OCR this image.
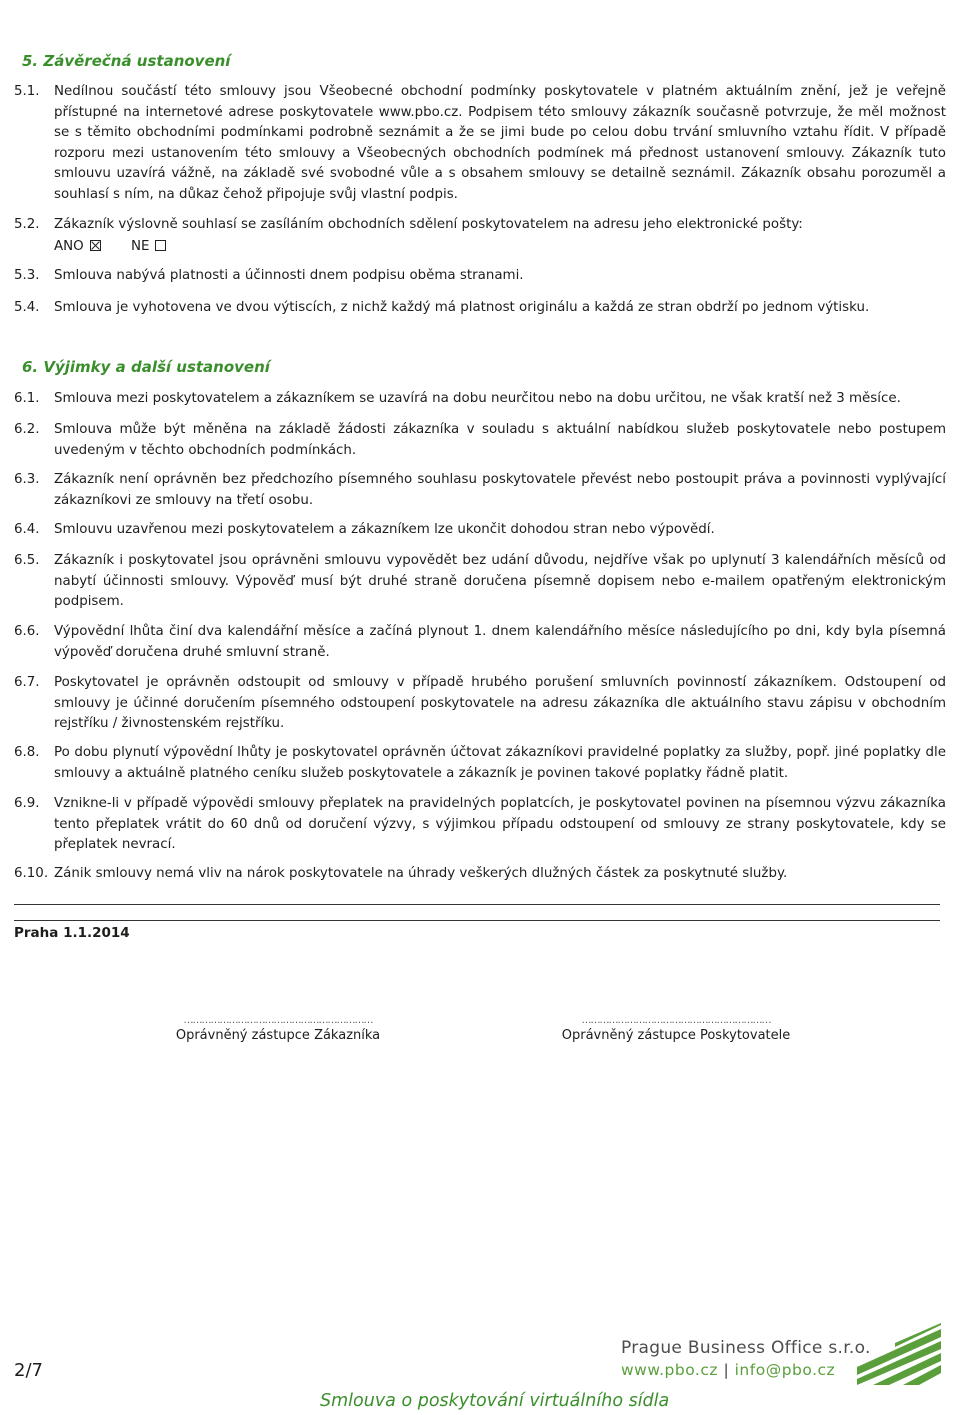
5. Závěrečná ustanovení
5.1.	Nedílnou součástí této smlouvy jsou Všeobecné obchodní podmínky poskytovatele v platném aktuálním znění, jež je veřejně přístupné na internetové adrese poskytovatele www.pbo.cz. Podpisem této smlouvy zákazník současně potvrzuje, že měl možnost se s těmito obchodními podmínkami podrobně seznámit a že se jimi bude po celou dobu trvání smluvního vztahu řídit. V případě rozporu mezi ustanovením této smlouvy a Všeobecných obchodních podmínek má přednost ustanovení smlouvy. Zákazník tuto smlouvu uzavírá vážně, na základě své svobodné vůle a s obsahem smlouvy se detailně seznámil. Zákazník obsahu porozuměl a souhlasí s ním, na důkaz čehož připojuje svůj vlastní podpis.
5.2.	Zákazník výslovně souhlasí se zasíláním obchodních sdělení poskytovatelem na adresu jeho elektronické pošty:
ANO	NE
5.3.	Smlouva nabývá platnosti a účinnosti dnem podpisu oběma stranami.
5.4.	Smlouva je vyhotovena ve dvou výtiscích, z nichž každý má platnost originálu a každá ze stran obdrží po jednom výtisku.
6. Výjimky a další ustanovení
6.1.	Smlouva mezi poskytovatelem a zákazníkem se uzavírá na dobu neurčitou nebo na dobu určitou, ne však kratší než 3 měsíce.
6.2.	Smlouva může být měněna na základě žádosti zákazníka v souladu s aktuální nabídkou služeb poskytovatele nebo postupem uvedeným v těchto obchodních podmínkách.
6.3.	Zákazník není oprávněn bez předchozího písemného souhlasu poskytovatele převést nebo postoupit práva a povinnosti vyplývající zákazníkovi ze smlouvy na třetí osobu.
6.4.	Smlouvu uzavřenou mezi poskytovatelem a zákazníkem lze ukončit dohodou stran nebo výpovědí.
6.5.	Zákazník i poskytovatel jsou oprávněni smlouvu vypovědět bez udání důvodu, nejdříve však po uplynutí 3 kalendářních měsíců od nabytí účinnosti smlouvy. Výpověď musí být druhé straně doručena písemně dopisem nebo e-mailem opatřeným elektronickým podpisem.
6.6.	Výpovědní lhůta činí dva kalendářní měsíce a začíná plynout 1. dnem kalendářního měsíce následujícího po dni, kdy byla písemná výpověď doručena druhé smluvní straně.
6.7.	Poskytovatel je oprávněn odstoupit od smlouvy v případě hrubého porušení smluvních povinností zákazníkem. Odstoupení od smlouvy je účinné doručením písemného odstoupení poskytovatele na adresu zákazníka dle aktuálního stavu zápisu v obchodním rejstříku / živnostenském rejstříku.
6.8.	Po dobu plynutí výpovědní lhůty je poskytovatel oprávněn účtovat zákazníkovi pravidelné poplatky za služby, popř. jiné poplatky dle smlouvy a aktuálně platného ceníku služeb poskytovatele a zákazník je povinen takové poplatky řádně platit.
6.9.	Vznikne-li v případě výpovědi smlouvy přeplatek na pravidelných poplatcích, je poskytovatel povinen na písemnou výzvu zákazníka tento přeplatek vrátit do 60 dnů od doručení výzvy, s výjimkou případu odstoupení od smlouvy ze strany poskytovatele, kdy se přeplatek nevrací.
6.10. Zánik smlouvy nemá vliv na nárok poskytovatele na úhrady veškerých dlužných částek za poskytnuté služby.
Praha 1.1.2014
………………………………………………………
Oprávněný zástupce Zákazníka
………………………………………………………
Oprávněný zástupce Poskytovatele
2/7
Prague Business Office s.r.o.
www.pbo.cz | info@pbo.cz
Smlouva o poskytování virtuálního sídla
